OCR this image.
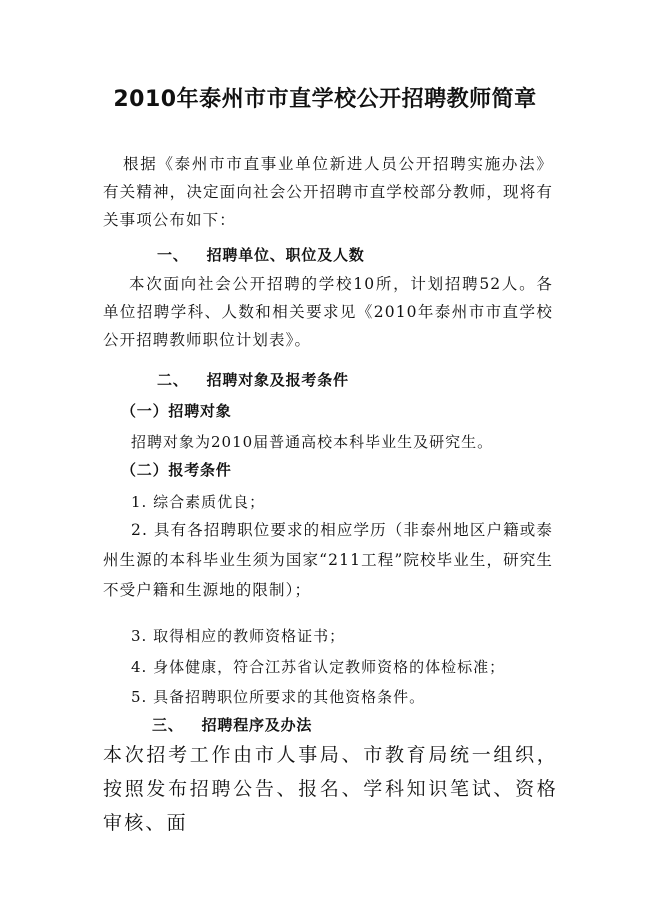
2010年泰州市市直学校公开招聘教师简章

根据《泰州市市直事业单位新进人员公开招聘实施办法》有关精神，决定面向社会公开招聘市直学校部分教师，现将有关事项公布如下：

一、 招聘单位、职位及人数

本次面向社会公开招聘的学校10所，计划招聘52人。各单位招聘学科、人数和相关要求见《2010年泰州市市直学校公开招聘教师职位计划表》。

二、 招聘对象及报考条件
（一）招聘对象
招聘对象为2010届普通高校本科毕业生及研究生。
（二）报考条件
1. 综合素质优良；

2. 具有各招聘职位要求的相应学历（非泰州地区户籍或泰州生源的本科毕业生须为国家“211工程”院校毕业生，研究生不受户籍和生源地的限制）；

3. 取得相应的教师资格证书；
4. 身体健康，符合江苏省认定教师资格的体检标准；
5. 具备招聘职位所要求的其他资格条件。
三、 招聘程序及办法

本次招考工作由市人事局、市教育局统一组织，按照发布招聘公告、报名、学科知识笔试、资格审核、面
